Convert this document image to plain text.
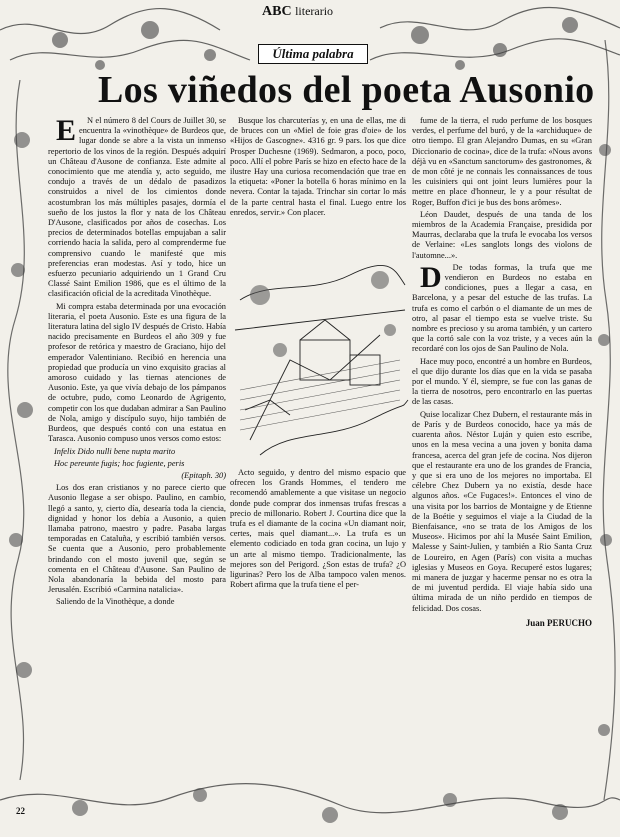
ABC literario
Última palabra
Los viñedos del poeta Ausonio

E N el número 8 del Cours de Juillet 30, se encuentra la «vinothèque» de Burdeos que, lugar donde se abre a la vista un inmenso repertorio de los vinos de la región. Después adquirí un Château d'Ausone de confianza. Este admite al conocimiento que me atendía y, acto seguido, me condujo a través de un dédalo de pasadizos construidos a nivel de los cimientos donde acostumbran los más múltiples pasajes, dormía el sueño de los justos la flor y nata de los Château D'Ausone, clasificados por años de cosechas. Los precios de determinados botellas empujaban a salir corriendo hacia la salida, pero al comprenderme fue comprensivo cuando le manifesté que mis preferencias eran modestas. Así y todo, hice un esfuerzo pecuniario adquiriendo un 1 Grand Cru Classé Saint Emilion 1986, que es el último de la clasificación oficial de la acreditada Vinothèque.

Mi compra estaba determinada por una evocación literaria, el poeta Ausonio. Este es una figura de la literatura latina del siglo IV después de Cristo. Había nacido precisamente en Burdeos el año 309 y fue profesor de retórica y maestro de Graciano, hijo del emperador Valentiniano. Recibió en herencia una propiedad que producía un vino exquisito gracias al amoroso cuidado y las tiernas atenciones de Ausonio. Este, ya que vivía debajo de los pámpanos de octubre, pudo, como Leonardo de Agrigento, competir con los que dudaban admirar a San Paulino de Nola, amigo y discípulo suyo, hijo también de Burdeos, que después contó con una estatua en Tarasca. Ausonio compuso unos versos como estos:

Infelix Dido nulli bene nupta marito

Hoc pereunte fugis; hoc fugiente, peris

(Epitaph. 30)

Los dos eran cristianos y no parece cierto que Ausonio llegase a ser obispo. Paulino, en cambio, llegó a santo, y, cierto día, desearía toda la ciencia, dignidad y honor los debía a Ausonio, a quien llamaba patrono, maestro y padre. Pasaba largas temporadas en Cataluña, y escribió también versos. Se cuenta que a Ausonio, pero probablemente brindando con el mosto juvenil que, según se comenta en el Château d'Ausone. San Paulino de Nola abandonaría la bebida del mosto para Jerusalén. Escribió «Carmina natalicia».

Saliendo de la Vinothèque, a donde

Busque los charcuterías y, en una de ellas, me di de bruces con un «Miel de foie gras d'oie» de los «Hijos de Gascogne». 4316 gr. 9 pars. los que dice Prosper Duchesne (1969). Sedmaron, a poco, poco, poco. Allí el pobre París se hizo en efecto hace de la ilustre Hay una curiosa recomendación que trae en la etiqueta: «Poner la botella 6 horas mínimo en la nevera. Contar la tajada. Trinchar sin cortar lo más de la parte central hasta el final. Luego entre los enredos, servir.» Con placer.

Acto seguido, y dentro del mismo espacio que ofrecen los Grands Hommes, el tendero me recomendó amablemente a que visitase un negocio donde pude comprar dos inmensas trufas frescas a precio de millonario. Robert J. Courtina dice que la trufa es el diamante de la cocina «Un diamant noir, certes, mais quel diamant...». La trufa es un elemento codiciado en toda gran cocina, un lujo y un arte al mismo tiempo. Tradicionalmente, las mejores son del Perigord. ¿Son estas de trufa? ¿O ligurinas? Pero los de Alba tampoco valen menos. Robert afirma que la trufa tiene el per-

fume de la tierra, el rudo perfume de los bosques verdes, el perfume del buró, y de la «archiduque» de otro tiempo. El gran Alejandro Dumas, en su «Gran Diccionario de cocina», dice de la trufa: «Nous avons déjà vu en «Sanctum sanctorum» des gastronomes, & de mon côté je ne connais les connaissances de tous les cuisiniers qui ont joint leurs lumières pour la mettre en place d'honneur, le y a pour résultat de Roger, Buffon d'ici je bus des bons arômes».

Léon Daudet, después de una tanda de los miembros de la Academia Française, presidida por Maurras, declaraba que la trufa le evocaba los versos de Verlaine: «Les sanglots longs des violons de l'automne...».

D De todas formas, la trufa que me vendieron en Burdeos no estaba en condiciones, pues a llegar a casa, en Barcelona, y a pesar del estuche de las trufas. La trufa es como el carbón o el diamante de un mes de otro, al pasar el tiempo esta se vuelve triste. Su nombre es precioso y su aroma también, y un cartero que la cortó sale con la voz triste, y a veces aún la recordaré con los ojos de San Paulino de Nola.

Hace muy poco, encontré a un hombre en Burdeos, el que dijo durante los días que en la vida se pasaba por el mundo. Y él, siempre, se fue con las ganas de la tierra de nosotros, pero encontrarlo en las puertas de las casas.

Quise localizar Chez Dubern, el restaurante más in de París y de Burdeos conocido, hace ya más de cuarenta años. Néstor Luján y quien esto escribe, unos en la mesa vecina a una joven y bonita dama francesa, acerca del gran jefe de cocina. Nos dijeron que el restaurante era uno de los grandes de Francia, y que si era uno de los mejores no importaba. El célebre Chez Dubern ya no existía, desde hace algunos años. «Ce Fugaces!». Entonces el vino de una visita por los barrios de Montaigne y de Etienne de la Boétie y seguimos el viaje a la Ciudad de la Bienfaisance, «no se trata de los Amigos de los Museos». Hicimos por ahí la Musée Saint Emilion, Malesse y Saint-Julien, y también a Rio Santa Cruz de Loureiro, en Agen (París) con visita a muchas iglesias y Museos en Goya. Recuperé estos lugares; mi manera de juzgar y hacerme pensar no es otra la de mi juventud perdida. El viaje había sido una última mirada de un niño perdido en tiempos de felicidad. Dos cosas.

Juan PERUCHO
22
